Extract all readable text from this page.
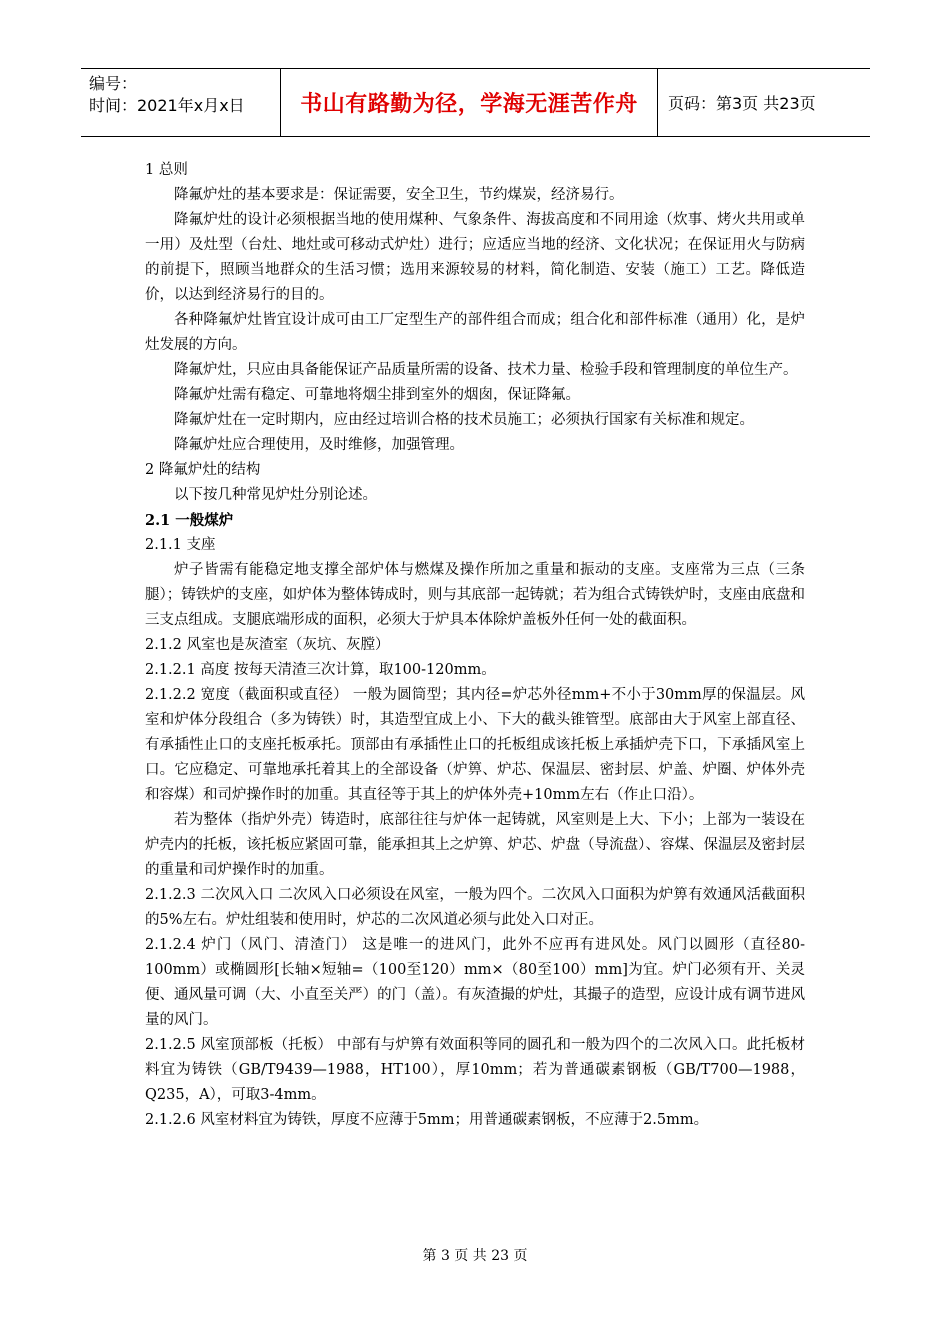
编号：
时间：2021年x月x日	书山有路勤为径，学海无涯苦作舟	页码：第3页 共23页

1 总则

降氟炉灶的基本要求是：保证需要，安全卫生，节约煤炭，经济易行。

降氟炉灶的设计必须根据当地的使用煤种、气象条件、海拔高度和不同用途（炊事、烤火共用或单一用）及灶型（台灶、地灶或可移动式炉灶）进行；应适应当地的经济、文化状况；在保证用火与防病的前提下，照顾当地群众的生活习惯；选用来源较易的材料，简化制造、安装（施工）工艺。降低造价，以达到经济易行的目的。

各种降氟炉灶皆宜设计成可由工厂定型生产的部件组合而成；组合化和部件标准（通用）化，是炉灶发展的方向。

降氟炉灶，只应由具备能保证产品质量所需的设备、技术力量、检验手段和管理制度的单位生产。

降氟炉灶需有稳定、可靠地将烟尘排到室外的烟囱，保证降氟。

降氟炉灶在一定时期内，应由经过培训合格的技术员施工；必须执行国家有关标准和规定。

降氟炉灶应合理使用，及时维修，加强管理。

2 降氟炉灶的结构

以下按几种常见炉灶分别论述。

2.1 一般煤炉

2.1.1 支座

炉子皆需有能稳定地支撑全部炉体与燃煤及操作所加之重量和振动的支座。支座常为三点（三条腿）；铸铁炉的支座，如炉体为整体铸成时，则与其底部一起铸就；若为组合式铸铁炉时，支座由底盘和三支点组成。支腿底端形成的面积，必须大于炉具本体除炉盖板外任何一处的截面积。

2.1.2 风室也是灰渣室（灰坑、灰膛）

2.1.2.1 高度 按每天清渣三次计算，取100-120mm。

2.1.2.2 宽度（截面积或直径） 一般为圆筒型；其内径=炉芯外径mm+不小于30mm厚的保温层。风室和炉体分段组合（多为铸铁）时，其造型宜成上小、下大的截头锥管型。底部由大于风室上部直径、有承插性止口的支座托板承托。顶部由有承插性止口的托板组成该托板上承插炉壳下口，下承插风室上口。它应稳定、可靠地承托着其上的全部设备（炉箅、炉芯、保温层、密封层、炉盖、炉圈、炉体外壳和容煤）和司炉操作时的加重。其直径等于其上的炉体外壳+10mm左右（作止口沿）。

若为整体（指炉外壳）铸造时，底部往往与炉体一起铸就，风室则是上大、下小；上部为一装设在炉壳内的托板，该托板应紧固可靠，能承担其上之炉箅、炉芯、炉盘（导流盘）、容煤、保温层及密封层的重量和司炉操作时的加重。

2.1.2.3 二次风入口 二次风入口必须设在风室，一般为四个。二次风入口面积为炉箅有效通风活截面积的5%左右。炉灶组装和使用时，炉芯的二次风道必须与此处入口对正。

2.1.2.4 炉门（风门、清渣门） 这是唯一的进风门，此外不应再有进风处。风门以圆形（直径80-100mm）或椭圆形[长轴×短轴=（100至120）mm×（80至100）mm]为宜。炉门必须有开、关灵便、通风量可调（大、小直至关严）的门（盖）。有灰渣撮的炉灶，其撮子的造型，应设计成有调节进风量的风门。

2.1.2.5 风室顶部板（托板） 中部有与炉箅有效面积等同的圆孔和一般为四个的二次风入口。此托板材料宜为铸铁（GB/T9439—1988，HT100），厚10mm；若为普通碳素钢板（GB/T700—1988，Q235，A），可取3-4mm。

2.1.2.6 风室材料宜为铸铁，厚度不应薄于5mm；用普通碳素钢板，不应薄于2.5mm。

第 3 页 共 23 页
